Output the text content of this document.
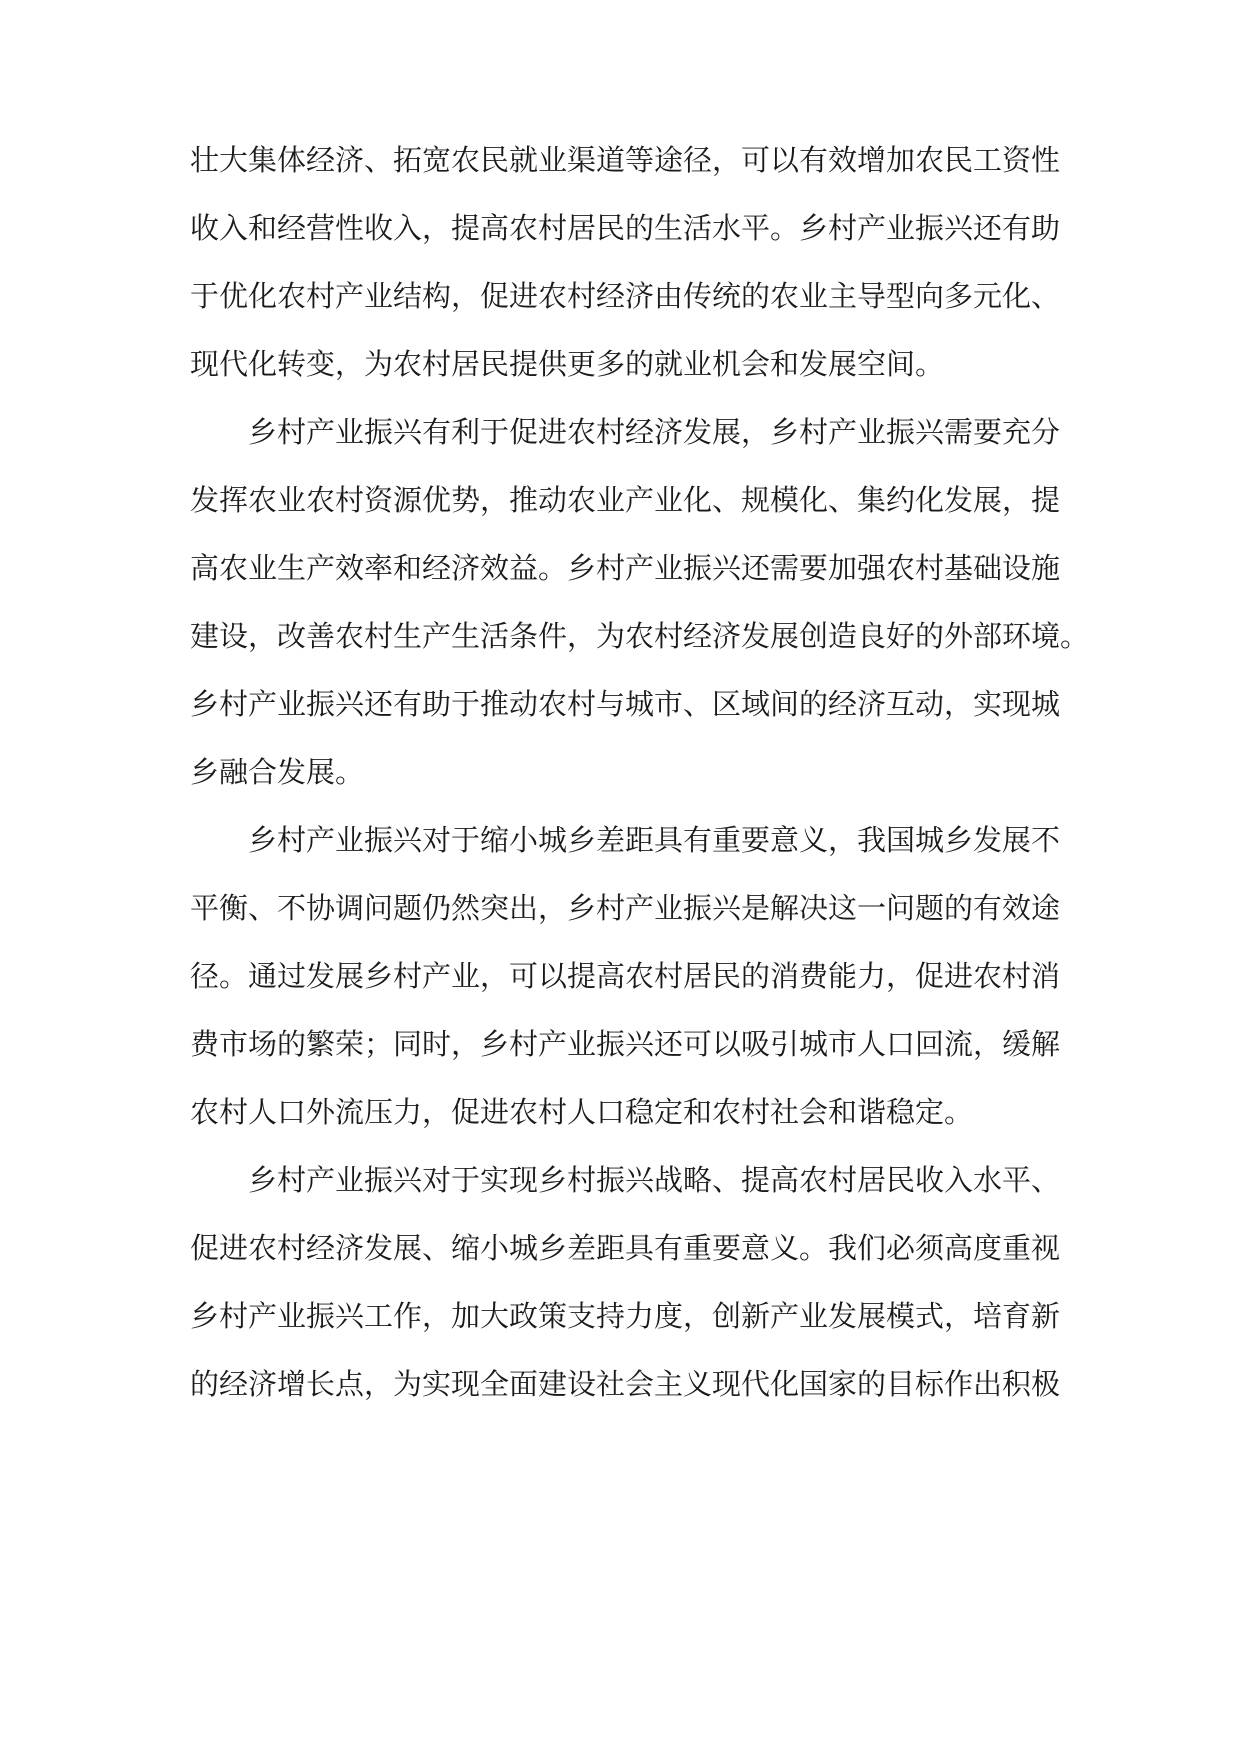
壮大集体经济、拓宽农民就业渠道等途径，可以有效增加农民工资性
收入和经营性收入，提高农村居民的生活水平。乡村产业振兴还有助
于优化农村产业结构，促进农村经济由传统的农业主导型向多元化、
现代化转变，为农村居民提供更多的就业机会和发展空间。
乡村产业振兴有利于促进农村经济发展，乡村产业振兴需要充分
发挥农业农村资源优势，推动农业产业化、规模化、集约化发展，提
高农业生产效率和经济效益。乡村产业振兴还需要加强农村基础设施
建设，改善农村生产生活条件，为农村经济发展创造良好的外部环境。
乡村产业振兴还有助于推动农村与城市、区域间的经济互动，实现城
乡融合发展。
乡村产业振兴对于缩小城乡差距具有重要意义，我国城乡发展不
平衡、不协调问题仍然突出，乡村产业振兴是解决这一问题的有效途
径。通过发展乡村产业，可以提高农村居民的消费能力，促进农村消
费市场的繁荣；同时，乡村产业振兴还可以吸引城市人口回流，缓解
农村人口外流压力，促进农村人口稳定和农村社会和谐稳定。
乡村产业振兴对于实现乡村振兴战略、提高农村居民收入水平、
促进农村经济发展、缩小城乡差距具有重要意义。我们必须高度重视
乡村产业振兴工作，加大政策支持力度，创新产业发展模式，培育新
的经济增长点，为实现全面建设社会主义现代化国家的目标作出积极
